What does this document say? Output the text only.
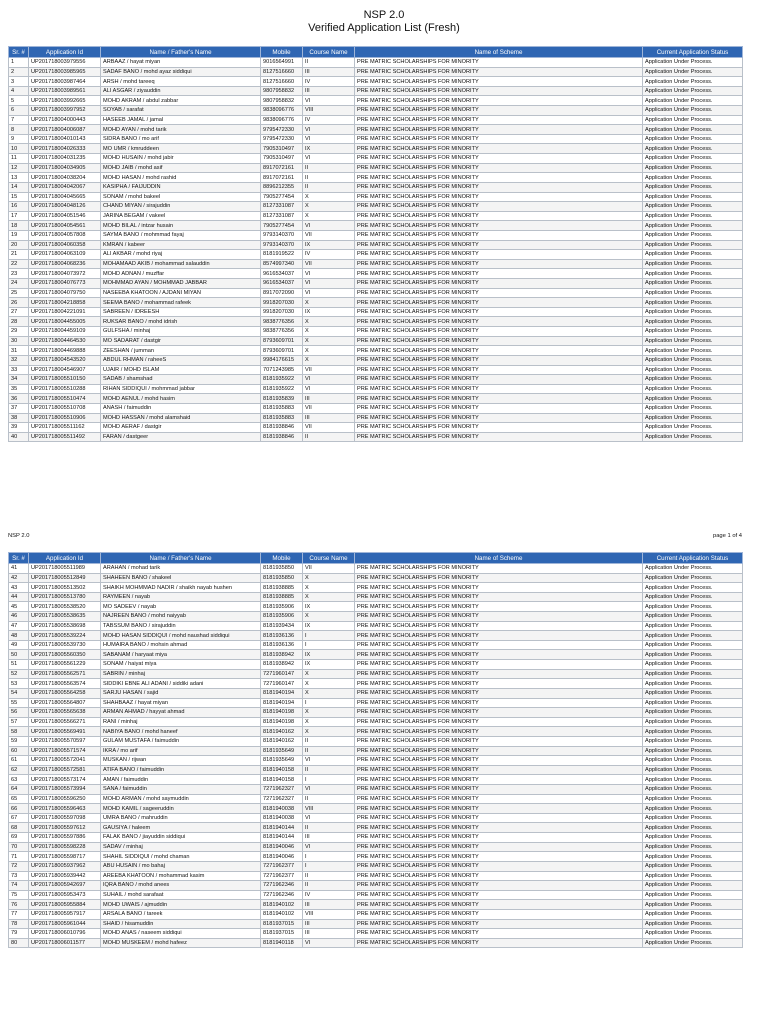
NSP 2.0
Verified Application List (Fresh)
Sr. #	Application Id	Name / Father's Name	Mobile	Course Name	Name of Scheme	Current Application Status
1	UP201718003979556	ARBAAZ / hayat miyan	9016564991	II	PRE MATRIC SCHOLARSHIPS FOR MINORITY	Application Under Process.
2	UP201718003985965	SADAF BANO / mohd ayaz siddiqui	8127516660	III	PRE MATRIC SCHOLARSHIPS FOR MINORITY	Application Under Process.
3	UP201718003987464	ARSH / mohd tareeq	8127516660	IV	PRE MATRIC SCHOLARSHIPS FOR MINORITY	Application Under Process.
4	UP201718003989561	ALI ASGAR / ziyauddin	9807958832	III	PRE MATRIC SCHOLARSHIPS FOR MINORITY	Application Under Process.
5	UP201718003992665	MOHD AKRAM / abdul zabbar	9807958832	VI	PRE MATRIC SCHOLARSHIPS FOR MINORITY	Application Under Process.
6	UP201718003997952	SOYAB / sarafat	9838096776	VIII	PRE MATRIC SCHOLARSHIPS FOR MINORITY	Application Under Process.
7	UP201718004000443	HASEEB JAMAL / jamal	9838096776	IV	PRE MATRIC SCHOLARSHIPS FOR MINORITY	Application Under Process.
8	UP201718004006087	MOHD AYAN / mohd tarik	9795472330	VI	PRE MATRIC SCHOLARSHIPS FOR MINORITY	Application Under Process.
9	UP201718004010143	SIDRA BANO / mo arif	9795472330	VI	PRE MATRIC SCHOLARSHIPS FOR MINORITY	Application Under Process.
10	UP201718004026333	MO UMR / kmruddeen	7905310497	IX	PRE MATRIC SCHOLARSHIPS FOR MINORITY	Application Under Process.
11	UP201718004031235	MOHD HUSAIN / mohd jabir	7905310497	VI	PRE MATRIC SCHOLARSHIPS FOR MINORITY	Application Under Process.
12	UP201718004034905	MOHD JAIB / mohd asif	8917072161	II	PRE MATRIC SCHOLARSHIPS FOR MINORITY	Application Under Process.
13	UP201718004038204	MOHD HASAN / mohd rashid	8917072161	II	PRE MATRIC SCHOLARSHIPS FOR MINORITY	Application Under Process.
14	UP201718004042067	KASIPHA / FAIJUDDIN	8896212355	II	PRE MATRIC SCHOLARSHIPS FOR MINORITY	Application Under Process.
15	UP201718004045665	SONAM / mohd bakeel	7905277454	X	PRE MATRIC SCHOLARSHIPS FOR MINORITY	Application Under Process.
16	UP201718004048126	CHAND MIYAN / sirajuddin	8127331087	X	PRE MATRIC SCHOLARSHIPS FOR MINORITY	Application Under Process.
17	UP201718004051546	JARINA BEGAM / vakeel	8127331087	X	PRE MATRIC SCHOLARSHIPS FOR MINORITY	Application Under Process.
18	UP201718004054561	MOHD BILAL / intzar husain	7905277454	VI	PRE MATRIC SCHOLARSHIPS FOR MINORITY	Application Under Process.
19	UP201718004057808	SAYMA BANO / mohmmad fayaj	9793140370	VII	PRE MATRIC SCHOLARSHIPS FOR MINORITY	Application Under Process.
20	UP201718004060358	KMRAN / kabeer	9793140370	IX	PRE MATRIC SCHOLARSHIPS FOR MINORITY	Application Under Process.
21	UP201718004063109	ALI AKBAR / mohd riyaj	8181919522	IV	PRE MATRIC SCHOLARSHIPS FOR MINORITY	Application Under Process.
22	UP201718004068236	MOHAMAAD AKIB / mohammad salauddin	8574997340	VII	PRE MATRIC SCHOLARSHIPS FOR MINORITY	Application Under Process.
23	UP201718004073972	MOHD ADNAN / muzffar	9616534037	VI	PRE MATRIC SCHOLARSHIPS FOR MINORITY	Application Under Process.
24	UP201718004076773	MOHMMAD AYAN / MOHMMAD JABBAR	9616534037	VI	PRE MATRIC SCHOLARSHIPS FOR MINORITY	Application Under Process.
25	UP201718004079750	NASEEBA KHATOON / AJDANI MIYAN	8917072090	VI	PRE MATRIC SCHOLARSHIPS FOR MINORITY	Application Under Process.
26	UP201718004218858	SEEMA BANO / mohammad rafeek	9918207030	X	PRE MATRIC SCHOLARSHIPS FOR MINORITY	Application Under Process.
27	UP201718004221091	SABREEN / IDREESH	9918207030	IX	PRE MATRIC SCHOLARSHIPS FOR MINORITY	Application Under Process.
28	UP201718004455005	RUKSAR BANO / mohd idrish	9838776356	X	PRE MATRIC SCHOLARSHIPS FOR MINORITY	Application Under Process.
29	UP201718004459109	GULFSHA / minhaj	9838776356	X	PRE MATRIC SCHOLARSHIPS FOR MINORITY	Application Under Process.
30	UP201718004464530	MO SADARAT / dastgir	8793609701	X	PRE MATRIC SCHOLARSHIPS FOR MINORITY	Application Under Process.
31	UP201718004469888	ZEESHAN / jumman	8793609701	X	PRE MATRIC SCHOLARSHIPS FOR MINORITY	Application Under Process.
32	UP201718004543520	ABDUL RHMAN / raheeS	9984176615	X	PRE MATRIC SCHOLARSHIPS FOR MINORITY	Application Under Process.
33	UP201718004546907	UJAIR / MOHD ISLAM	7071243985	VII	PRE MATRIC SCHOLARSHIPS FOR MINORITY	Application Under Process.
34	UP201718005510150	SADAB / shamshad	8181935922	VI	PRE MATRIC SCHOLARSHIPS FOR MINORITY	Application Under Process.
35	UP201718005510288	RIHAN SIDDIQUI / mohmmad jabbar	8181935922	VI	PRE MATRIC SCHOLARSHIPS FOR MINORITY	Application Under Process.
36	UP201718005510474	MOHD AENUL / mohd hasim	8181935839	III	PRE MATRIC SCHOLARSHIPS FOR MINORITY	Application Under Process.
37	UP201718005510708	ANASH / faimuddin	8181935883	VII	PRE MATRIC SCHOLARSHIPS FOR MINORITY	Application Under Process.
38	UP201718005510906	MOHD HASSAN / mohd alamshaid	8181935883	III	PRE MATRIC SCHOLARSHIPS FOR MINORITY	Application Under Process.
39	UP201718005511162	MOHD AERAF / dastgir	8181938846	VII	PRE MATRIC SCHOLARSHIPS FOR MINORITY	Application Under Process.
40	UP201718005511492	FARAN / dastgeer	8181938846	II	PRE MATRIC SCHOLARSHIPS FOR MINORITY	Application Under Process.
NSP 2.0	page 1 of 4
Sr. #	Application Id	Name / Father's Name	Mobile	Course Name	Name of Scheme	Current Application Status
41	UP201718005511989	ARAHAN / mohad tarik	8181935850	VII	PRE MATRIC SCHOLARSHIPS FOR MINORITY	Application Under Process.
42	UP201718005512849	SHAHEEN BANO / shakeel	8181935850	X	PRE MATRIC SCHOLARSHIPS FOR MINORITY	Application Under Process.
43	UP201718005513502	SHAIKH MOHMMAD NADIR / shaikh nayab hushen	8181938885	X	PRE MATRIC SCHOLARSHIPS FOR MINORITY	Application Under Process.
44	UP201718005513780	RAYMEEN / nayab	8181938885	X	PRE MATRIC SCHOLARSHIPS FOR MINORITY	Application Under Process.
45	UP201718005538520	MO SADEEV / nayab	8181935906	IX	PRE MATRIC SCHOLARSHIPS FOR MINORITY	Application Under Process.
46	UP201718005538635	NAJREEN BANO / mohd naiyyab	8181935906	X	PRE MATRIC SCHOLARSHIPS FOR MINORITY	Application Under Process.
47	UP201718005538698	TABSSUM BANO / sirajuddin	8181939434	IX	PRE MATRIC SCHOLARSHIPS FOR MINORITY	Application Under Process.
48	UP201718005539224	MOHD HASAN SIDDIQUI / mohd naushad siddiqui	8181936136	I	PRE MATRIC SCHOLARSHIPS FOR MINORITY	Application Under Process.
49	UP201718005539730	HUMAIRA BANO / mohsin ahmad	8181936136	I	PRE MATRIC SCHOLARSHIPS FOR MINORITY	Application Under Process.
50	UP201718005560350	SABANAM / haryaat miya	8181938942	IX	PRE MATRIC SCHOLARSHIPS FOR MINORITY	Application Under Process.
51	UP201718005561229	SONAM / haiyat miya	8181938942	IX	PRE MATRIC SCHOLARSHIPS FOR MINORITY	Application Under Process.
52	UP201718005562571	SABRIN / minhaj	7271960147	X	PRE MATRIC SCHOLARSHIPS FOR MINORITY	Application Under Process.
53	UP201718005563574	SIDDIKI EBNE ALI ADANI / siddiki adani	7271960147	X	PRE MATRIC SCHOLARSHIPS FOR MINORITY	Application Under Process.
54	UP201718005564258	SARJU HASAN / sajid	8181940194	X	PRE MATRIC SCHOLARSHIPS FOR MINORITY	Application Under Process.
55	UP201718005564807	SHAHBAAZ / hayat miyan	8181940194	I	PRE MATRIC SCHOLARSHIPS FOR MINORITY	Application Under Process.
56	UP201718005565638	ARMAN AHMAD / hayyat ahmad	8181940198	X	PRE MATRIC SCHOLARSHIPS FOR MINORITY	Application Under Process.
57	UP201718005566271	RANI / minhaj	8181940198	X	PRE MATRIC SCHOLARSHIPS FOR MINORITY	Application Under Process.
58	UP201718005569491	NABIYA BANO / mohd haneef	8181940162	X	PRE MATRIC SCHOLARSHIPS FOR MINORITY	Application Under Process.
59	UP201718005570597	GULAM MUSTAFA / faimuddin	8181940162	II	PRE MATRIC SCHOLARSHIPS FOR MINORITY	Application Under Process.
60	UP201718005571574	IKRA / mo arif	8181935649	II	PRE MATRIC SCHOLARSHIPS FOR MINORITY	Application Under Process.
61	UP201718005572041	MUSKAN / rijwan	8181935649	VI	PRE MATRIC SCHOLARSHIPS FOR MINORITY	Application Under Process.
62	UP201718005572581	ATIFA BANO / faimuddin	8181940158	II	PRE MATRIC SCHOLARSHIPS FOR MINORITY	Application Under Process.
63	UP201718005573174	AMAN / faimuddin	8181940158	I	PRE MATRIC SCHOLARSHIPS FOR MINORITY	Application Under Process.
64	UP201718005573994	SANA / faimuddin	7271962327	VI	PRE MATRIC SCHOLARSHIPS FOR MINORITY	Application Under Process.
65	UP201718005596250	MOHD ARMAN / mohd saymuddin	7271962327	II	PRE MATRIC SCHOLARSHIPS FOR MINORITY	Application Under Process.
66	UP201718005596463	MOHD KAMIL / sageeruddin	8181940038	VIII	PRE MATRIC SCHOLARSHIPS FOR MINORITY	Application Under Process.
67	UP201718005597098	UMRA BANO / mahruddin	8181940038	VI	PRE MATRIC SCHOLARSHIPS FOR MINORITY	Application Under Process.
68	UP201718005597612	GAUSIYA / haleem	8181940144	II	PRE MATRIC SCHOLARSHIPS FOR MINORITY	Application Under Process.
69	UP201718005597886	FALAK BANO / jiayuddin siddiqui	8181940144	III	PRE MATRIC SCHOLARSHIPS FOR MINORITY	Application Under Process.
70	UP201718005598228	SADAV / minhaj	8181940046	VI	PRE MATRIC SCHOLARSHIPS FOR MINORITY	Application Under Process.
71	UP201718005598717	SHAHIL SIDDIQUI / mohd chaman	8181940046	I	PRE MATRIC SCHOLARSHIPS FOR MINORITY	Application Under Process.
72	UP201718005937962	ABU HUSAIN / mo bahaj	7271962377	I	PRE MATRIC SCHOLARSHIPS FOR MINORITY	Application Under Process.
73	UP201718005939442	AREEBA KHATOON / mohammad kasim	7271962377	II	PRE MATRIC SCHOLARSHIPS FOR MINORITY	Application Under Process.
74	UP201718005942697	IQRA BANO / mohd anees	7271962346	II	PRE MATRIC SCHOLARSHIPS FOR MINORITY	Application Under Process.
75	UP201718005953473	SUHAIL / mohd sarafaat	7271962346	IV	PRE MATRIC SCHOLARSHIPS FOR MINORITY	Application Under Process.
76	UP201718005955884	MOHD UWAIS / ajmuddin	8181940102	III	PRE MATRIC SCHOLARSHIPS FOR MINORITY	Application Under Process.
77	UP201718005957917	ARSALA BANO / tareek	8181940102	VIII	PRE MATRIC SCHOLARSHIPS FOR MINORITY	Application Under Process.
78	UP201718005961044	SHAID / hisamuddin	8181937015	III	PRE MATRIC SCHOLARSHIPS FOR MINORITY	Application Under Process.
79	UP201718006010796	MOHD ANAS / naseem siddiqui	8181937015	III	PRE MATRIC SCHOLARSHIPS FOR MINORITY	Application Under Process.
80	UP201718006011577	MOHD MUSKEEM / mohd hafeez	8181940118	VI	PRE MATRIC SCHOLARSHIPS FOR MINORITY	Application Under Process.
